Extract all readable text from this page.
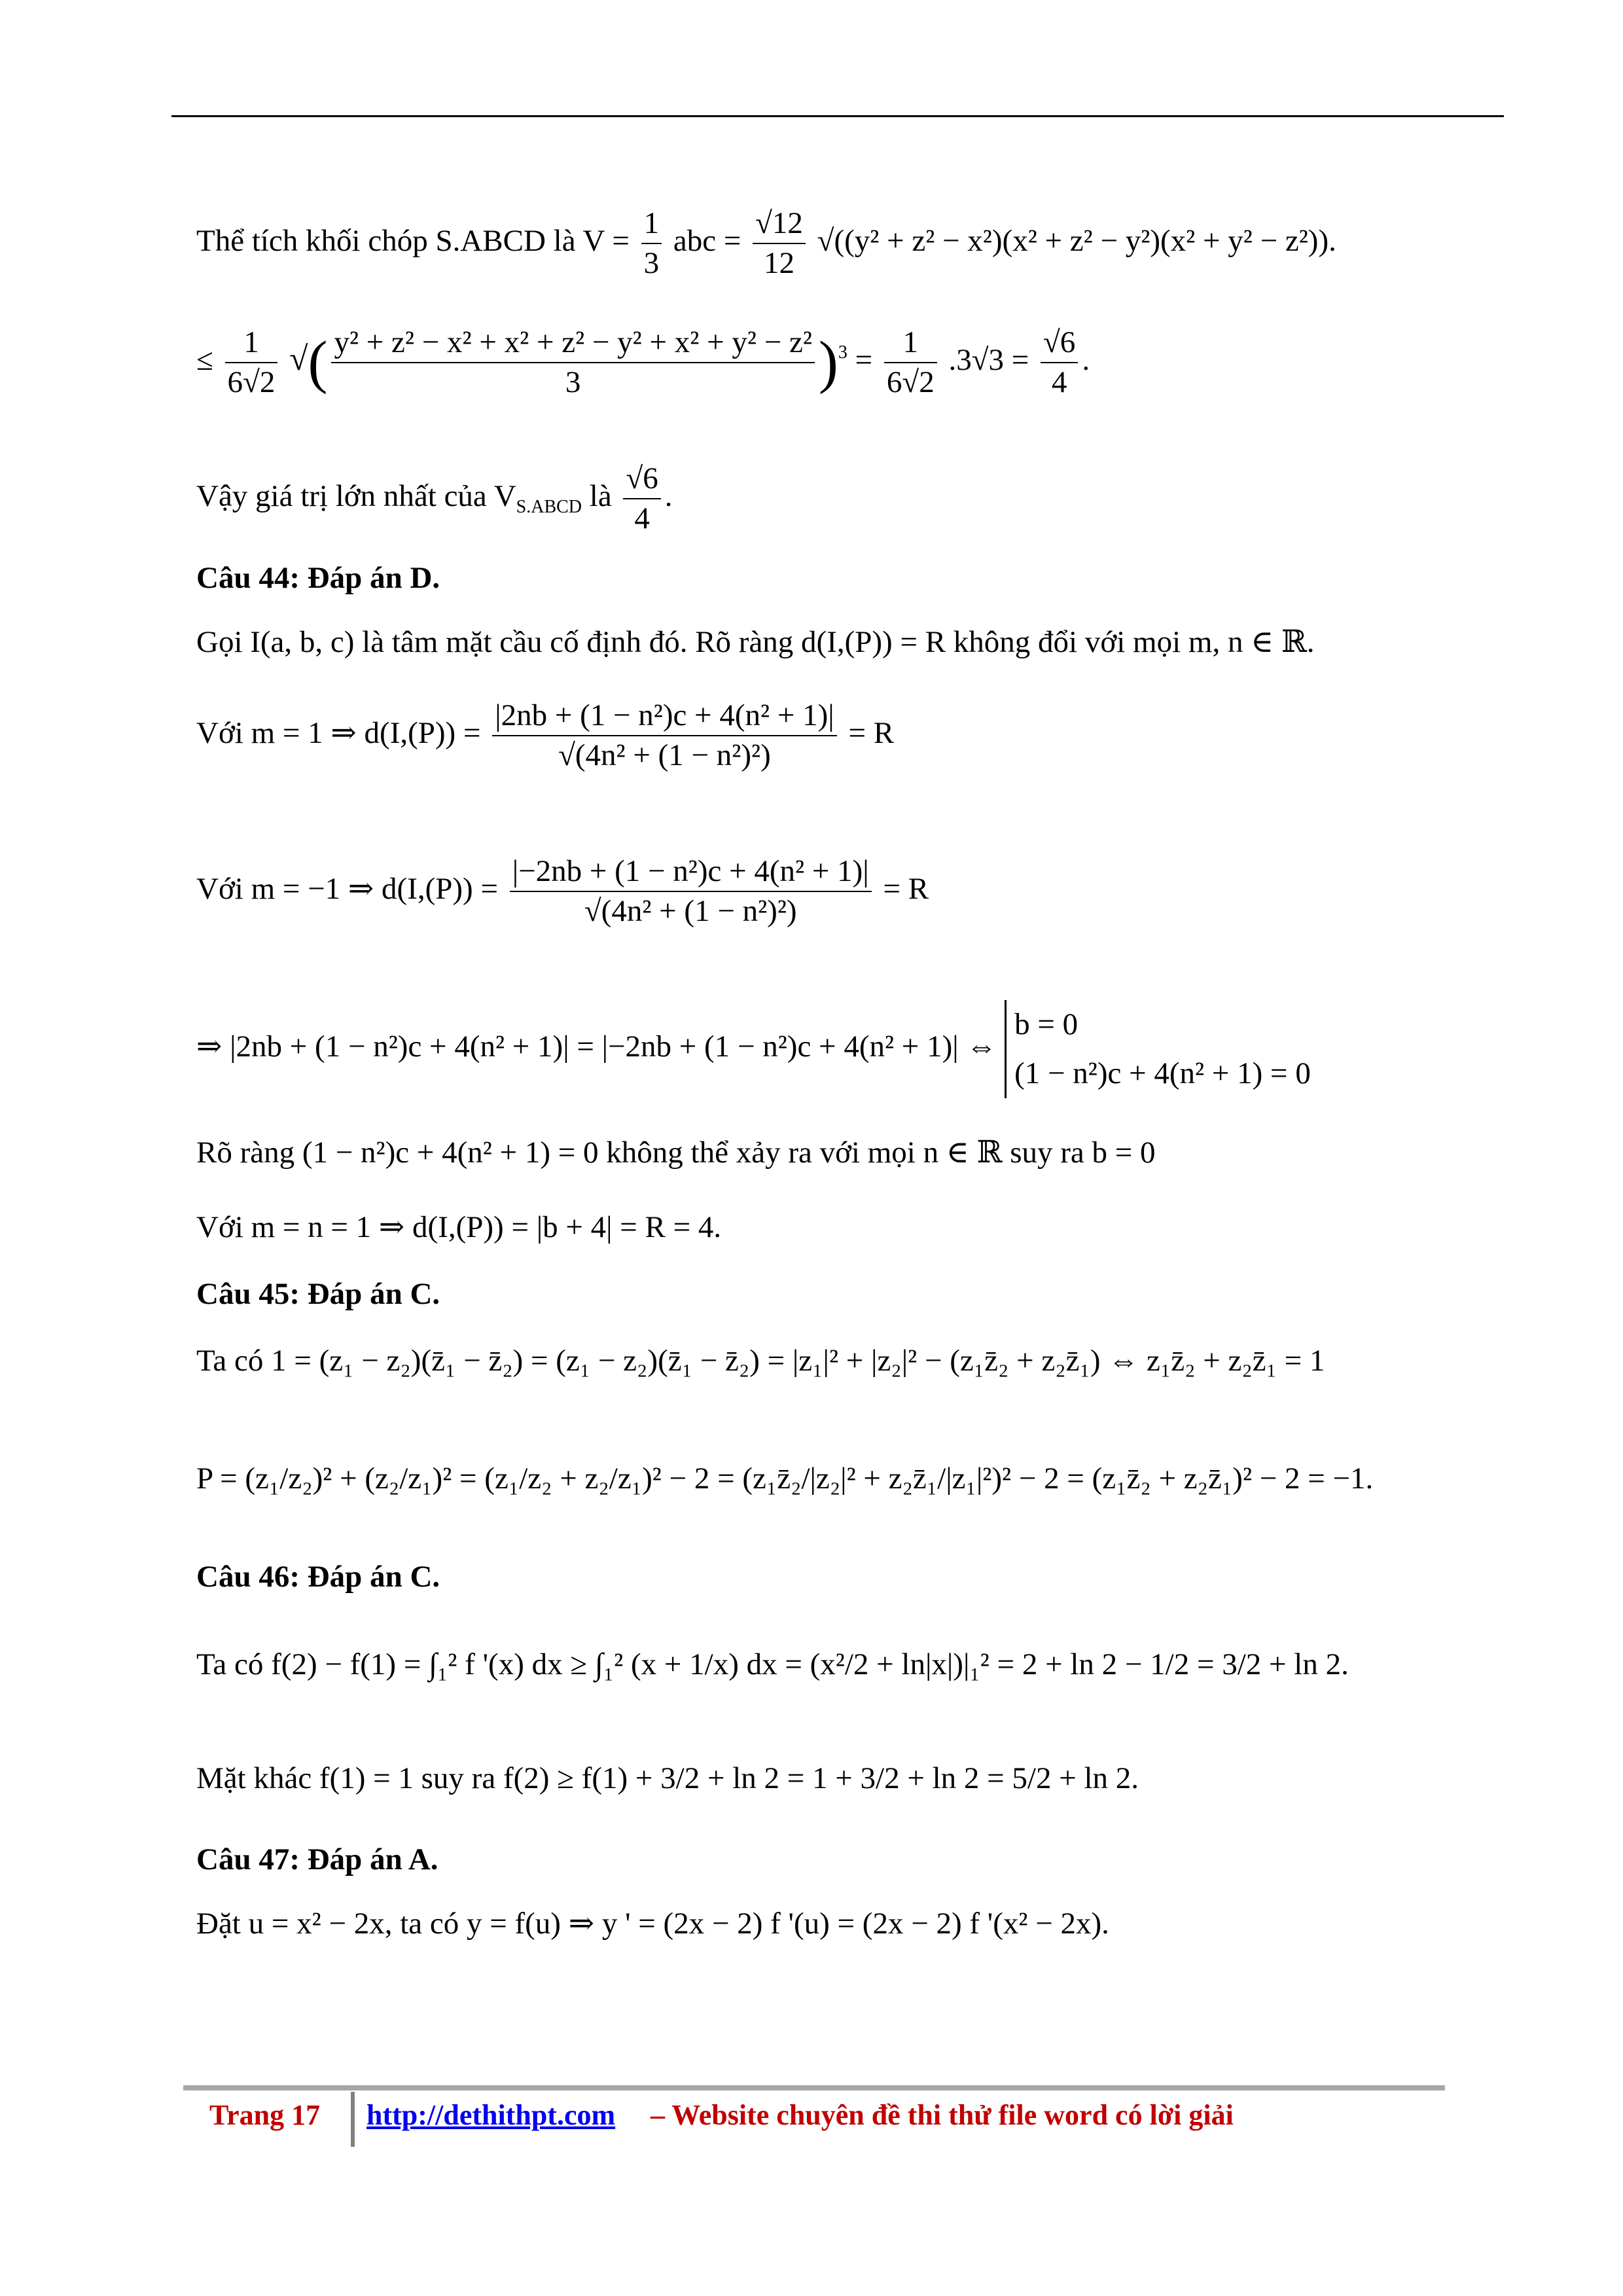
Thể tích khối chóp S.ABCD là $V = \frac{1}{3}$ abc = $\frac{√12}{12} √((y^2 + z^2 - x^2)(x^2 + z^2 - y^2)(x^2 + y^2 - z^2))$.
≤ $\frac{1}{6√2}$ √( $\frac{\text{y² + z² − x² + x² + z² − y² + x² + y² − z²}}{3} )^3 = \frac{1}{6√2} .3√3 = \frac{√6}{4}$ .
Vậy giá trị lớn nhất của $V_{S.ABCD}$ là $\frac{√6}{4}$ .
Câu 44: Đáp án D.
Gọi I(a, b, c) là tâm mặt cầu cố định đó. Rõ ràng d(I,(P)) = R không đổi với mọi m, n ∈ ℝ.
Với m = 1 ⇒ $d(I,(P)) = \frac{\text{|2nb + (1 − n²)c + 4(n² + 1)|}}{\text{√(4n² + (1 − n²)²)}} = R$
Với m = −1 ⇒ $d(I,(P)) = \frac{\text{|−2nb + (1 − n²)c + 4(n² + 1)|}}{\text{√(4n² + (1 − n²)²)}} = R$
⇒ |2nb + (1 − n²)c + 4(n² + 1)| = |−2nb + (1 − n²)c + 4(n² + 1)| ⇔
b = 0
(1 − n²)c + 4(n² + 1) = 0
Rõ ràng (1 − n²)c + 4(n² + 1) = 0 không thể xảy ra với mọi n ∈ ℝ suy ra b = 0
Với m = n = 1 ⇒ d(I,(P)) = |b + 4| = R = 4.
Câu 45: Đáp án C.
Ta có 1 = (z₁ − z₂)(z̄₁ − z̄₂) = (z₁ − z₂)(z̄₁ − z̄₂) = |z₁|² + |z₂|² − (z₁z̄₂ + z₂z̄₁) ⇔ z₁z̄₂ + z₂z̄₁ = 1
P = (z₁/z₂)² + (z₂/z₁)² = (z₁/z₂ + z₂/z₁)² − 2 = (z₁z̄₂/|z₂|² + z₂z̄₁/|z₁|²)² − 2 = (z₁z̄₂ + z₂z̄₁)² − 2 = −1.
Câu 46: Đáp án C.
Ta có f(2) − f(1) = ∫₁² f '(x) dx ≥ ∫₁² (x + 1/x) dx = (x²/2 + ln|x|)|₁² = 2 + ln 2 − 1/2 = 3/2 + ln 2.
Mặt khác f(1) = 1 suy ra f(2) ≥ f(1) + 3/2 + ln 2 = 1 + 3/2 + ln 2 = 5/2 + ln 2.
Câu 47: Đáp án A.
Đặt u = x² − 2x, ta có y = f(u) ⇒ y ' = (2x − 2) f '(u) = (2x − 2) f '(x² − 2x).
Trang 17 http://dethithpt.com – Website chuyên đề thi thử file word có lời giải
